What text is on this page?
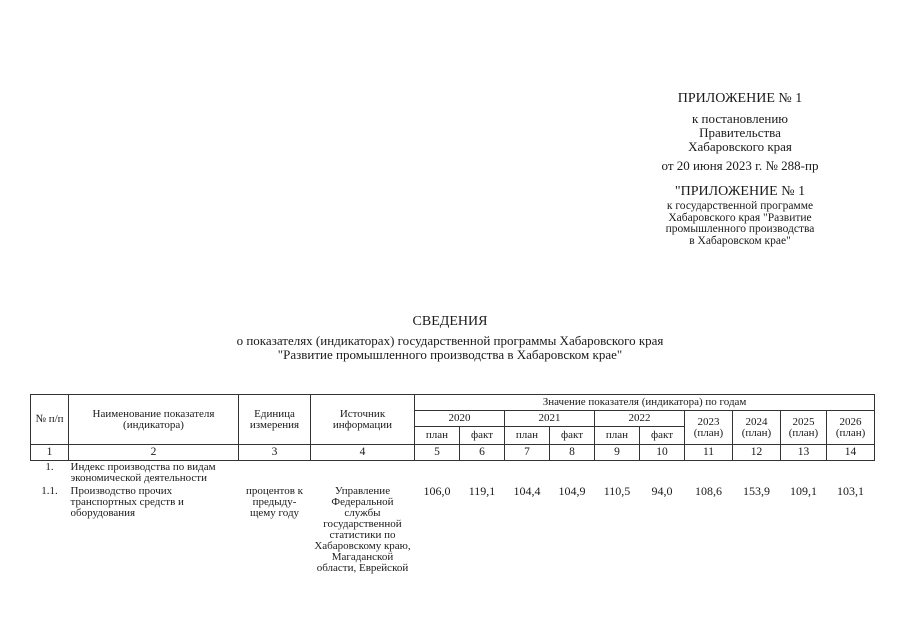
ПРИЛОЖЕНИЕ № 1
к постановлению
Правительства
Хабаровского края
от 20 июня 2023 г. № 288-пр
"ПРИЛОЖЕНИЕ № 1
к государственной программе
Хабаровского края "Развитие
промышленного производства
в Хабаровском крае"
СВЕДЕНИЯ
о показателях (индикаторах) государственной программы Хабаровского края
"Развитие промышленного производства в Хабаровском крае"
№ п/п	Наименование показателя (индикатора)	Единица измерения	Источник информации	Значение показателя (индикатора) по годам									
				2020		2021		2022		2023 (план)	2024 (план)	2025 (план)	2026 (план)
				план	факт	план	факт	план	факт				
1	2	3	4	5	6	7	8	9	10	11	12	13	14
1.	Индекс производства по видам экономической деятельности												
1.1.	Производство прочих транспортных средств и оборудования	процентов к предыду-щему году	Управление Федеральной службы государственной статистики по Хабаровскому краю, Магаданской области, Еврейской	106,0	119,1	104,4	104,9	110,5	94,0	108,6	153,9	109,1	103,1
